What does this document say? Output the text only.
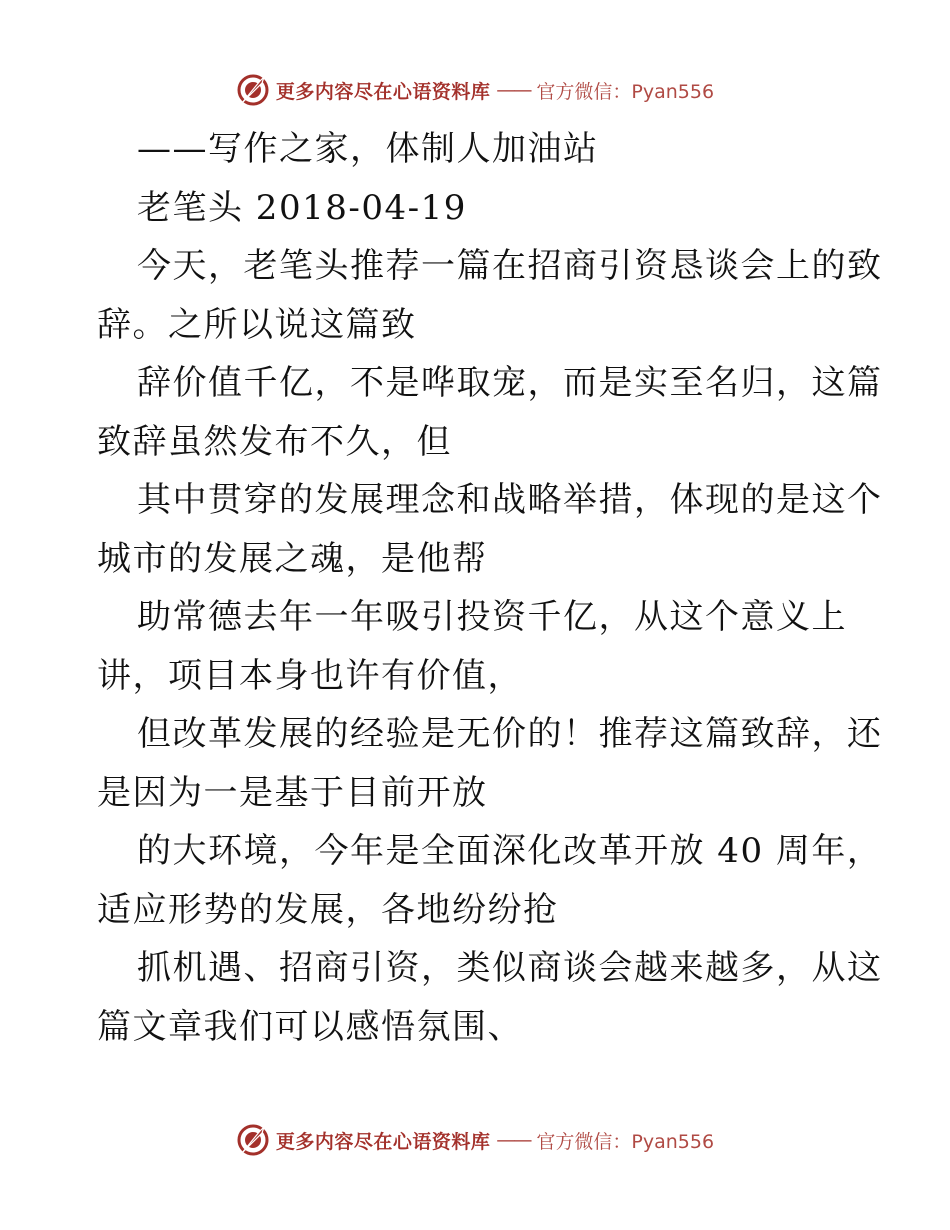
更多内容尽在心语资料库 —— 官方微信：Pyan556
——写作之家，体制人加油站
老笔头 2018-04-19
今天，老笔头推荐一篇在招商引资恳谈会上的致
辞。之所以说这篇致
辞价值千亿，不是哗取宠，而是实至名归，这篇
致辞虽然发布不久，但
其中贯穿的发展理念和战略举措，体现的是这个
城市的发展之魂，是他帮
助常德去年一年吸引投资千亿，从这个意义上
讲，项目本身也许有价值，
但改革发展的经验是无价的！推荐这篇致辞，还
是因为一是基于目前开放
的大环境，今年是全面深化改革开放 40 周年，
适应形势的发展，各地纷纷抢
抓机遇、招商引资，类似商谈会越来越多，从这
篇文章我们可以感悟氛围、
更多内容尽在心语资料库 —— 官方微信：Pyan556
